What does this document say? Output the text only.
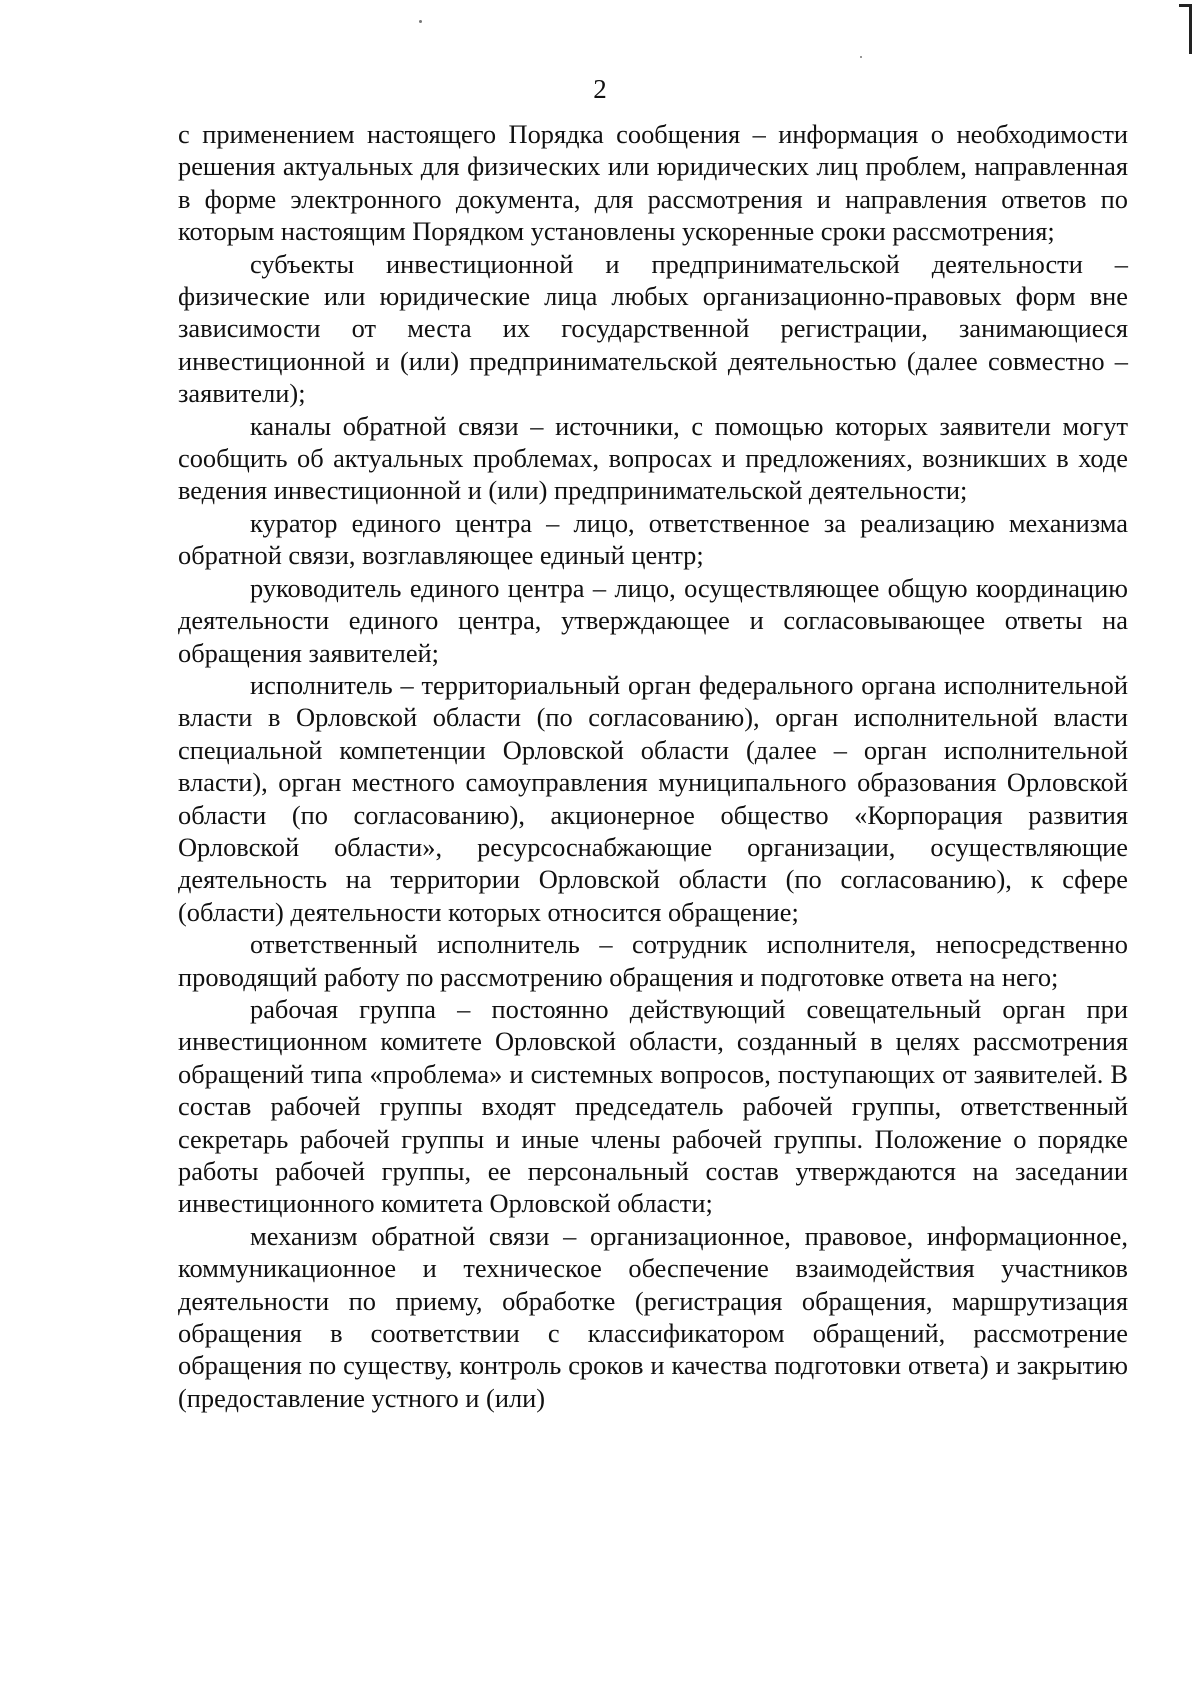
2

с применением настоящего Порядка сообщения – информация о необходимости решения актуальных для физических или юридических лиц проблем, направленная в форме электронного документа, для рассмотрения и направления ответов по которым настоящим Порядком установлены ускоренные сроки рассмотрения;

субъекты инвестиционной и предпринимательской деятельности – физические или юридические лица любых организационно-правовых форм вне зависимости от места их государственной регистрации, занимающиеся инвестиционной и (или) предпринимательской деятельностью (далее совместно – заявители);

каналы обратной связи – источники, с помощью которых заявители могут сообщить об актуальных проблемах, вопросах и предложениях, возникших в ходе ведения инвестиционной и (или) предпринимательской деятельности;

куратор единого центра – лицо, ответственное за реализацию механизма обратной связи, возглавляющее единый центр;

руководитель единого центра – лицо, осуществляющее общую координацию деятельности единого центра, утверждающее и согласовывающее ответы на обращения заявителей;

исполнитель – территориальный орган федерального органа исполнительной власти в Орловской области (по согласованию), орган исполнительной власти специальной компетенции Орловской области (далее – орган исполнительной власти), орган местного самоуправления муниципального образования Орловской области (по согласованию), акционерное общество «Корпорация развития Орловской области», ресурсоснабжающие организации, осуществляющие деятельность на территории Орловской области (по согласованию), к сфере (области) деятельности которых относится обращение;

ответственный исполнитель – сотрудник исполнителя, непосредственно проводящий работу по рассмотрению обращения и подготовке ответа на него;

рабочая группа – постоянно действующий совещательный орган при инвестиционном комитете Орловской области, созданный в целях рассмотрения обращений типа «проблема» и системных вопросов, поступающих от заявителей. В состав рабочей группы входят председатель рабочей группы, ответственный секретарь рабочей группы и иные члены рабочей группы. Положение о порядке работы рабочей группы, ее персональный состав утверждаются на заседании инвестиционного комитета Орловской области;

механизм обратной связи – организационное, правовое, информационное, коммуникационное и техническое обеспечение взаимодействия участников деятельности по приему, обработке (регистрация обращения, маршрутизация обращения в соответствии с классификатором обращений, рассмотрение обращения по существу, контроль сроков и качества подготовки ответа) и закрытию (предоставление устного и (или)
